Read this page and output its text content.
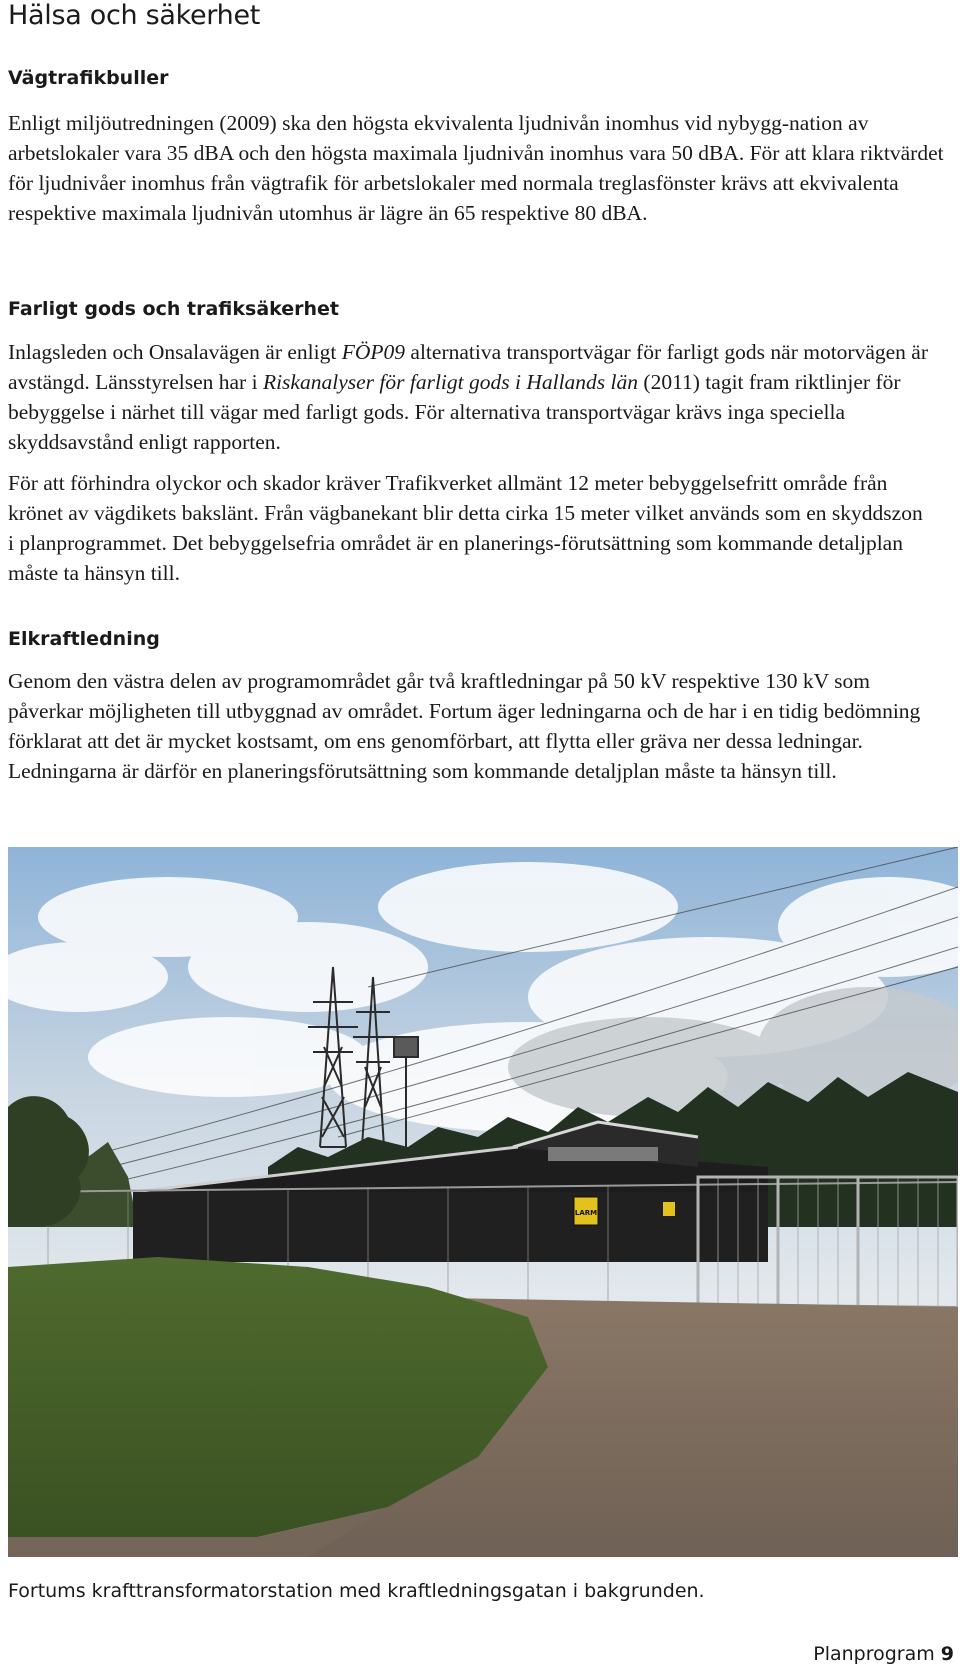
Hälsa och säkerhet
Vägtrafikbuller

Enligt miljöutredningen (2009) ska den högsta ekvivalenta ljudnivån inomhus vid nybygg-nation av arbetslokaler vara 35 dBA och den högsta maximala ljudnivån inomhus vara 50 dBA. För att klara riktvärdet för ljudnivåer inomhus från vägtrafik för arbetslokaler med normala treglasfönster krävs att ekvivalenta respektive maximala ljudnivån utomhus är lägre än 65 respektive 80 dBA.

Farligt gods och trafiksäkerhet

Inlagsleden och Onsalavägen är enligt FÖP09 alternativa transportvägar för farligt gods när motorvägen är avstängd. Länsstyrelsen har i Riskanalyser för farligt gods i Hallands län (2011) tagit fram riktlinjer för bebyggelse i närhet till vägar med farligt gods. För alternativa transportvägar krävs inga speciella skyddsavstånd enligt rapporten.

För att förhindra olyckor och skador kräver Trafikverket allmänt 12 meter bebyggelsefritt område från krönet av vägdikets bakslänt. Från vägbanekant blir detta cirka 15 meter vilket används som en skyddszon i planprogrammet. Det bebyggelsefria området är en planerings-förutsättning som kommande detaljplan måste ta hänsyn till.

Elkraftledning

Genom den västra delen av programområdet går två kraftledningar på 50 kV respektive 130 kV som påverkar möjligheten till utbyggnad av området. Fortum äger ledningarna och de har i en tidig bedömning förklarat att det är mycket kostsamt, om ens genomförbart, att flytta eller gräva ner dessa ledningar. Ledningarna är därför en planeringsförutsättning som kommande detaljplan måste ta hänsyn till.

LARM

Fortums krafttransformatorstation med kraftledningsgatan i bakgrunden.

Planprogram 9
